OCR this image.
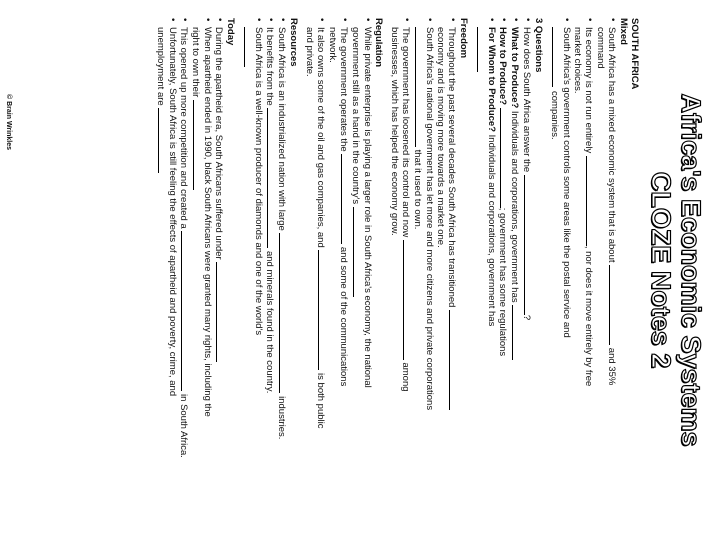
© Brain Wrinkles	Africa's Economic Systems
CLOZE Notes 2
SOUTH AFRICA
Mixed
• South Africa has a mixed economic system that is about  and 35%
command
• Its economy is not run entirely , nor does it move entirely by free
market choices.
• South Africa's government controls some areas like the postal service and
companies.
3 Questions
• How does South Africa answer the ?
• What to Produce? Individuals and corporations, government has
• How to Produce? ; government has some regulations
• For Whom to Produce? Individuals and corporations, government has

Freedom
• Throughout the past several decades South Africa has transitioned
economy and is moving more towards a market one.
• South Africa's national government has let more and more citizens and private corporations
that it used to own.
• The government has loosened its control and now  among
businesses, which has helped the economy grow.
Regulation
• While private enterprise is playing a larger role in South Africa's economy, the national
government still as a hand in the country's
• The government operates the  and some of the communications
network.
• It also owns some of the oil and gas companies, and  is both public
and private.
Resources
• South Africa is an industrialized nation with large  industries.
• It benefits from the  and minerals found in the country.
• South Africa is a well-known producer of diamonds and one of the world's

Today
• During the apartheid era, South Africans suffered under
• When apartheid ended in 1990, black South Africans were granted many rights, including the
right to own their
• This opened up more competition and created a  in South Africa.
• Unfortunately, South Africa is still feeling the effects of apartheid and poverty, crime, and
unemployment are
